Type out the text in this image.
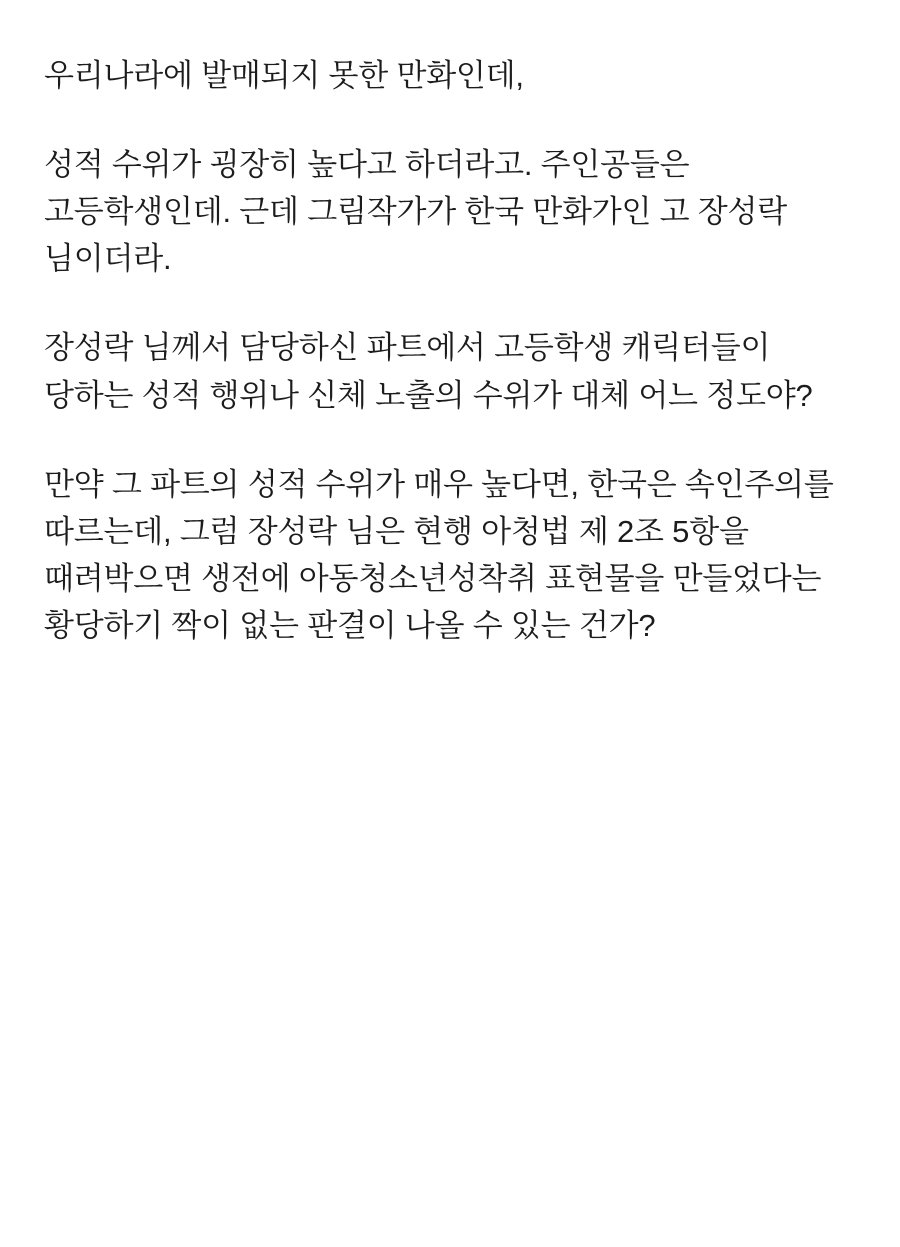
우리나라에 발매되지 못한 만화인데,

성적 수위가 굉장히 높다고 하더라고. 주인공들은 고등학생인데. 근데 그림작가가 한국 만화가인 고 장성락 님이더라.

장성락 님께서 담당하신 파트에서 고등학생 캐릭터들이 당하는 성적 행위나 신체 노출의 수위가 대체 어느 정도야?

만약 그 파트의 성적 수위가 매우 높다면, 한국은 속인주의를 따르는데, 그럼 장성락 님은 현행 아청법 제 2조 5항을 때려박으면 생전에 아동청소년성착취 표현물을 만들었다는 황당하기 짝이 없는 판결이 나올 수 있는 건가?
